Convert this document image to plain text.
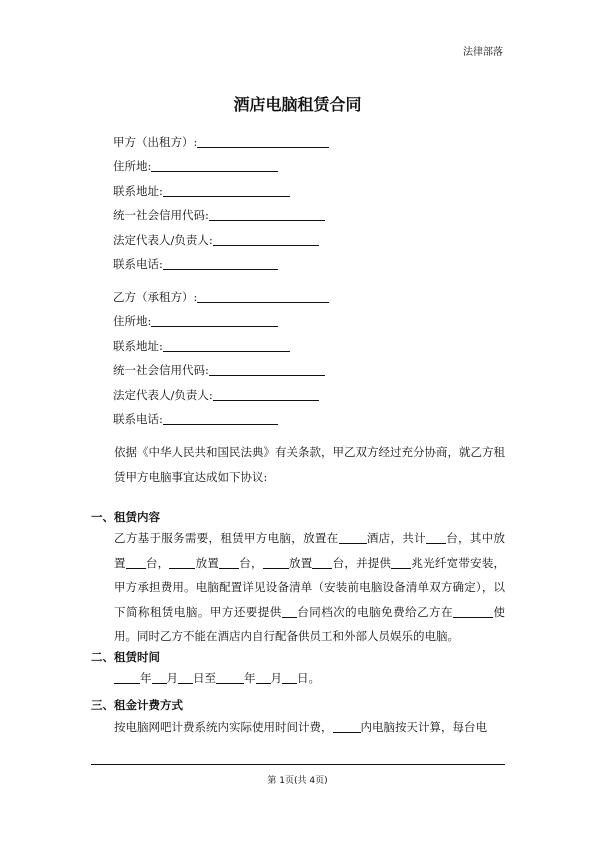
法律部落
酒店电脑租赁合同
甲方（出租方）:
住所地:
联系地址:
统一社会信用代码:
法定代表人/负责人:
联系电话:
乙方（承租方）:
住所地:
联系地址:
统一社会信用代码:
法定代表人/负责人:
联系电话:
依据《中华人民共和国民法典》有关条款，甲乙双方经过充分协商，就乙方租赁甲方电脑事宜达成如下协议:
一、租赁内容
乙方基于服务需要，租赁甲方电脑，放置在 酒店，共计 台，其中放置 台， 放置 台， 放置 台，并提供 兆光纤宽带安装，甲方承担费用。电脑配置详见设备清单（安装前电脑设备清单双方确定），以下简称租赁电脑。甲方还要提供 台同档次的电脑免费给乙方在	使用。同时乙方不能在酒店内自行配备供员工和外部人员娱乐的电脑。
二、租赁时间
年 月 日至 年 月 日。
三、租金计费方式
按电脑网吧计费系统内实际使用时间计费， 内电脑按天计算，每台电
第 1页(共 4页)
